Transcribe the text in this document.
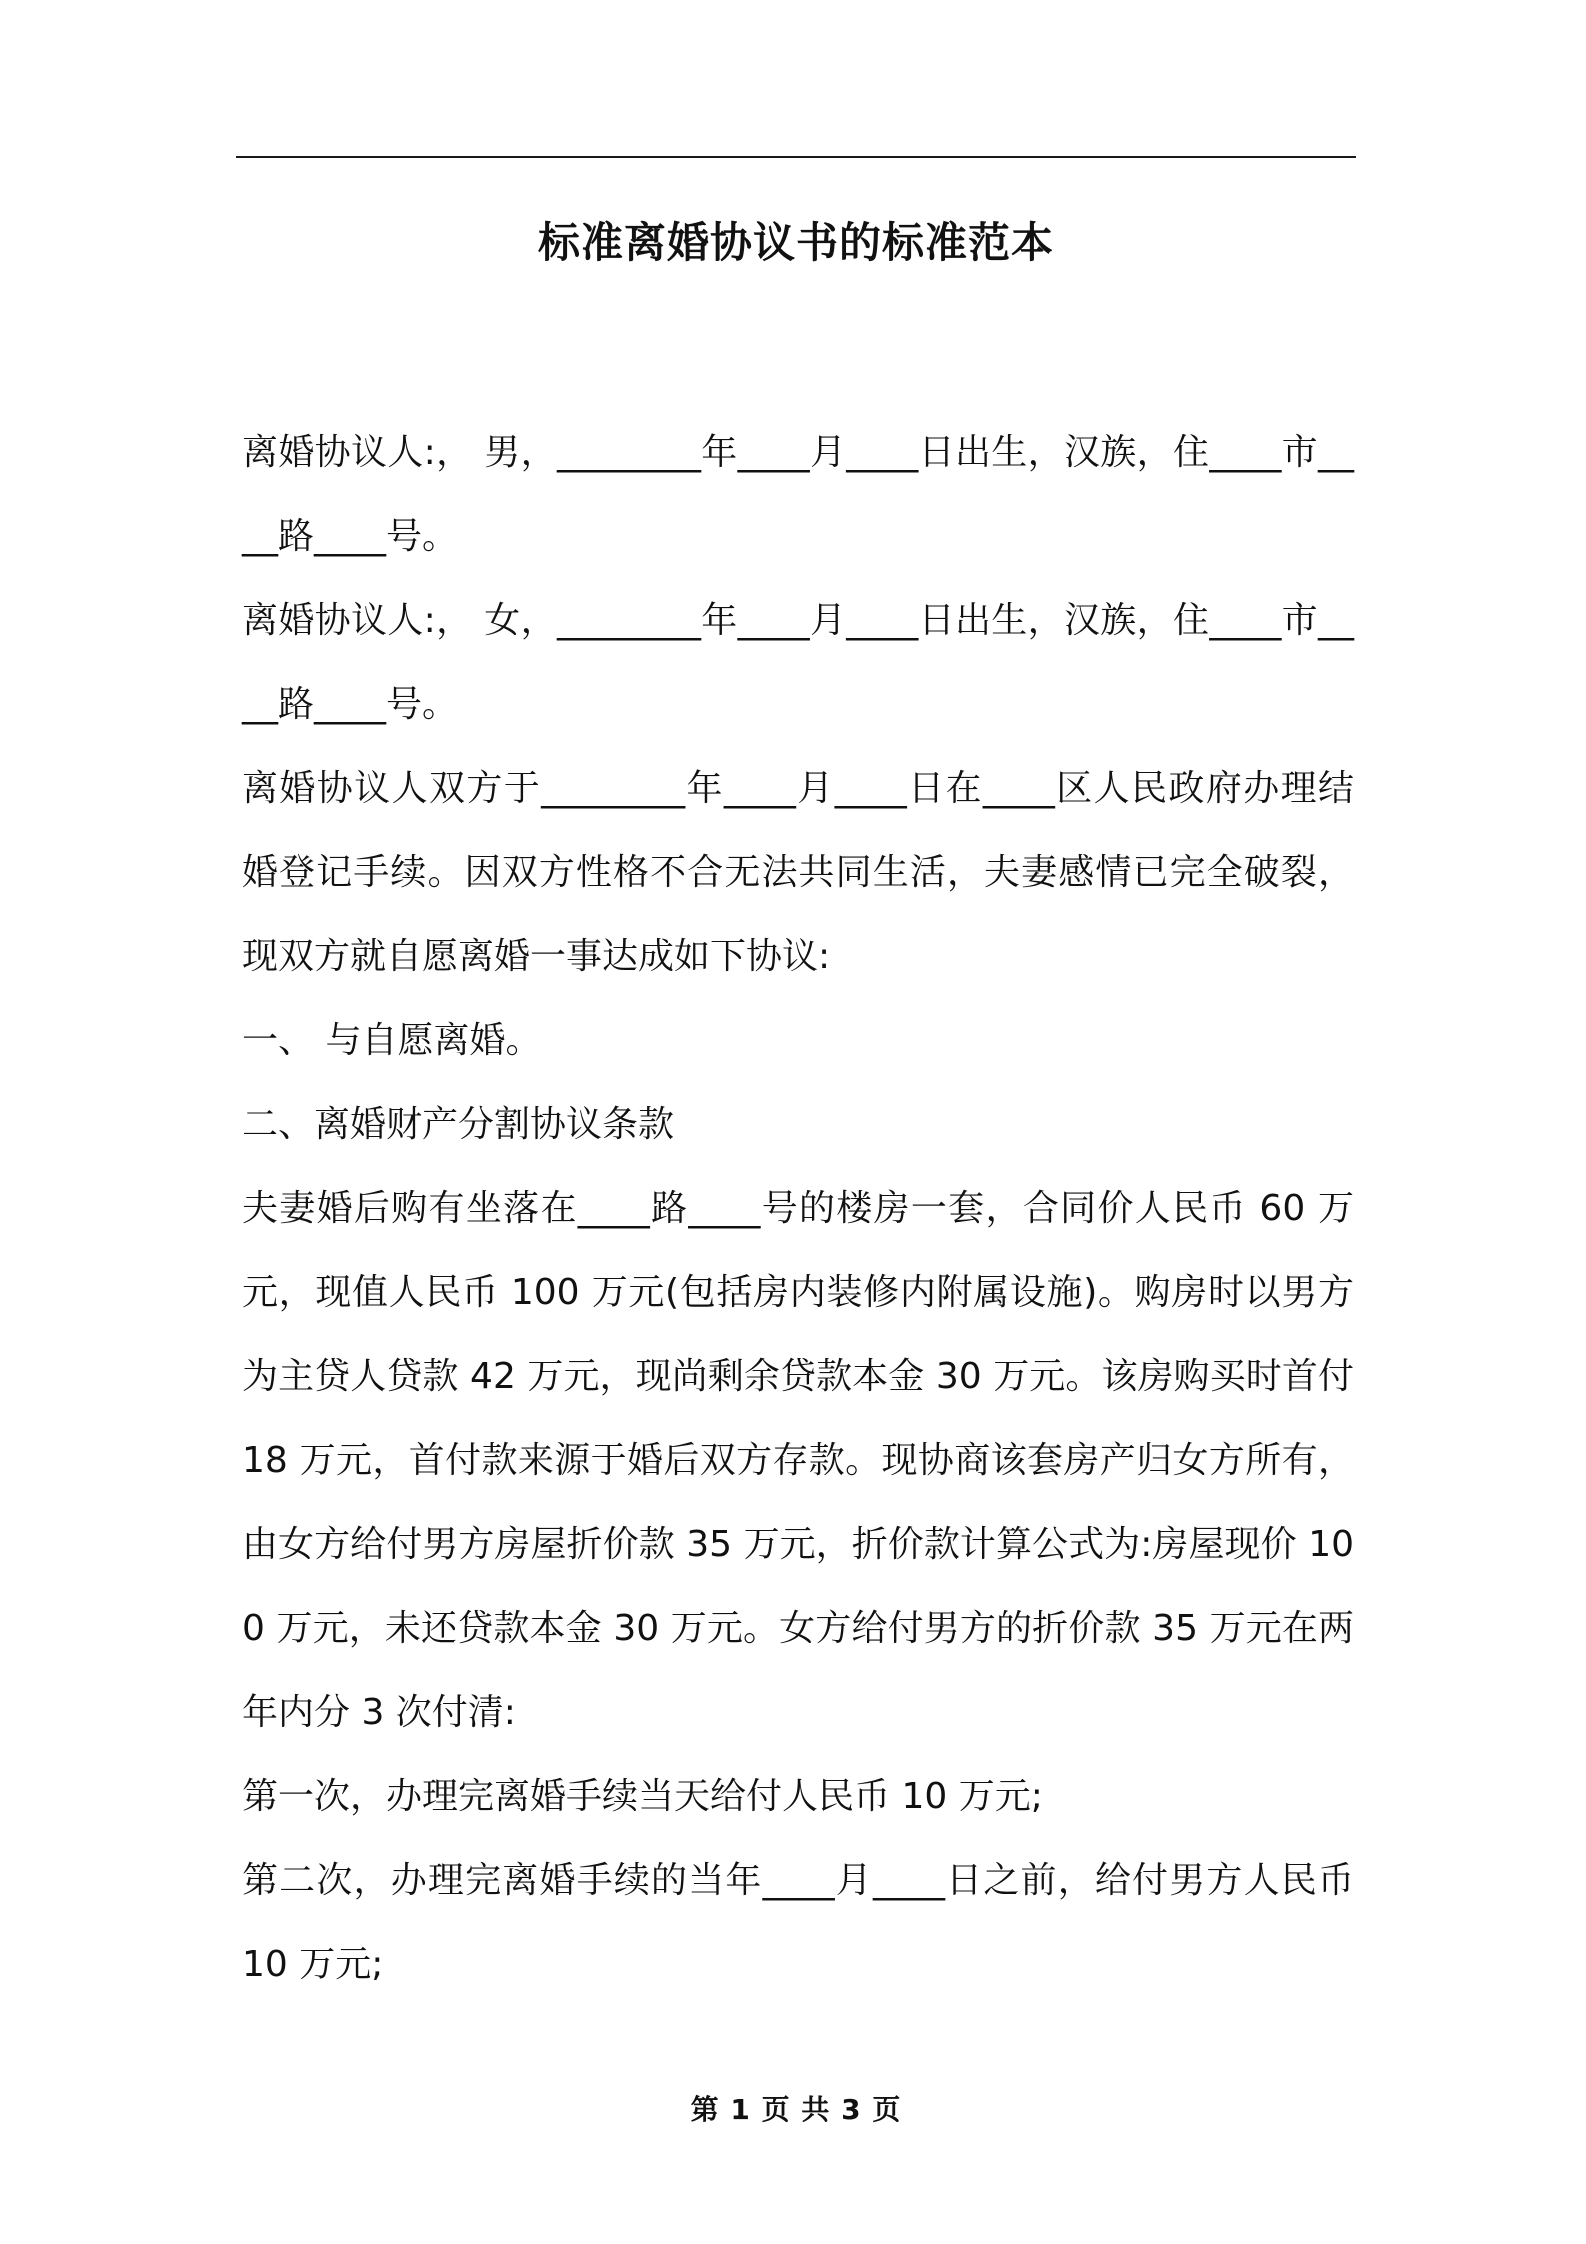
标准离婚协议书的标准范本

离婚协议人:， 男，________年____月____日出生，汉族，住____市____路____号。

离婚协议人:， 女，________年____月____日出生，汉族，住____市____路____号。

离婚协议人双方于________年____月____日在____区人民政府办理结婚登记手续。因双方性格不合无法共同生活，夫妻感情已完全破裂，现双方就自愿离婚一事达成如下协议:

一、 与自愿离婚。

二、离婚财产分割协议条款

夫妻婚后购有坐落在____路____号的楼房一套，合同价人民币 60 万元，现值人民币 100 万元(包括房内装修内附属设施)。购房时以男方为主贷人贷款 42 万元，现尚剩余贷款本金 30 万元。该房购买时首付 18 万元，首付款来源于婚后双方存款。现协商该套房产归女方所有，由女方给付男方房屋折价款 35 万元，折价款计算公式为:房屋现价 100 万元，未还贷款本金 30 万元。女方给付男方的折价款 35 万元在两年内分 3 次付清:

第一次，办理完离婚手续当天给付人民币 10 万元;

第二次，办理完离婚手续的当年____月____日之前，给付男方人民币 10 万元;

第 1 页 共 3 页
